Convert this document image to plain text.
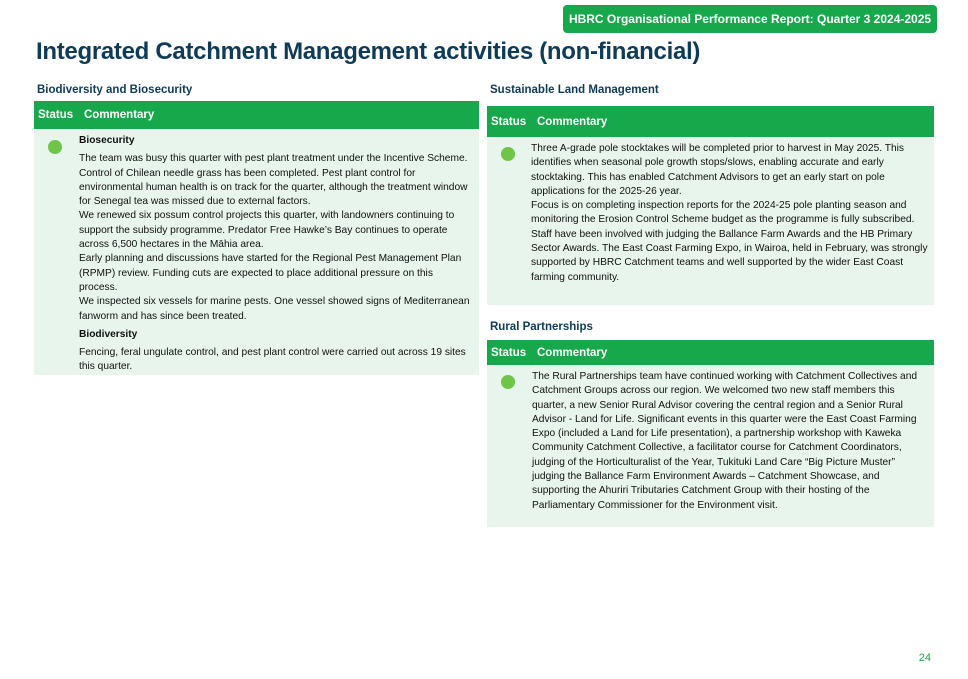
HBRC Organisational Performance Report: Quarter 3 2024-2025
Integrated Catchment Management activities (non-financial)
Biodiversity and Biosecurity
Status Commentary

Biosecurity

The team was busy this quarter with pest plant treatment under the Incentive Scheme. Control of Chilean needle grass has been completed. Pest plant control for environmental human health is on track for the quarter, although the treatment window for Senegal tea was missed due to external factors.

We renewed six possum control projects this quarter, with landowners continuing to support the subsidy programme. Predator Free Hawke’s Bay continues to operate across 6,500 hectares in the Māhia area.

Early planning and discussions have started for the Regional Pest Management Plan (RPMP) review. Funding cuts are expected to place additional pressure on this process.

We inspected six vessels for marine pests. One vessel showed signs of Mediterranean fanworm and has since been treated.

Biodiversity

Fencing, feral ungulate control, and pest plant control were carried out across 19 sites this quarter.

Sustainable Land Management
Status Commentary

Three A-grade pole stocktakes will be completed prior to harvest in May 2025. This identifies when seasonal pole growth stops/slows, enabling accurate and early stocktaking. This has enabled Catchment Advisors to get an early start on pole applications for the 2025-26 year.

Focus is on completing inspection reports for the 2024-25 pole planting season and monitoring the Erosion Control Scheme budget as the programme is fully subscribed.

Staff have been involved with judging the Ballance Farm Awards and the HB Primary Sector Awards. The East Coast Farming Expo, in Wairoa, held in February, was strongly supported by HBRC Catchment teams and well supported by the wider East Coast farming community.

Rural Partnerships
Status Commentary

The Rural Partnerships team have continued working with Catchment Collectives and Catchment Groups across our region. We welcomed two new staff members this quarter, a new Senior Rural Advisor covering the central region and a Senior Rural Advisor - Land for Life. Significant events in this quarter were the East Coast Farming Expo (included a Land for Life presentation), a partnership workshop with Kaweka Community Catchment Collective, a facilitator course for Catchment Coordinators, judging of the Horticulturalist of the Year, Tukituki Land Care “Big Picture Muster” judging the Ballance Farm Environment Awards – Catchment Showcase, and supporting the Ahuriri Tributaries Catchment Group with their hosting of the Parliamentary Commissioner for the Environment visit.

24
